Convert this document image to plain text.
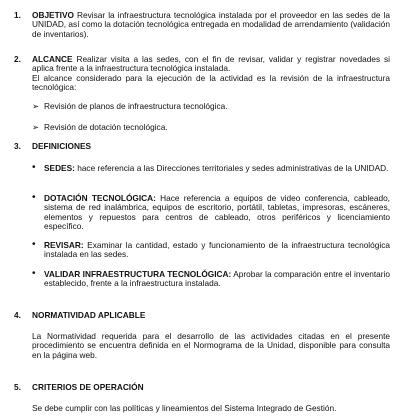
1.	OBJETIVO Revisar la infraestructura tecnológica instalada por el proveedor en las sedes de la UNIDAD, así como la dotación tecnológica entregada en modalidad de arrendamiento (validación de inventarios).
2.	ALCANCE Realizar visita a las sedes, con el fin de revisar, validar y registrar novedades si aplica frente a la infraestructura tecnológica instalada.
El alcance considerado para la ejecución de la actividad es la revisión de la infraestructura tecnológica:
➢ Revisión de planos de infraestructura tecnológica.
➢ Revisión de dotación tecnológica.
3.	DEFINICIONES
•	SEDES: hace referencia a las Direcciones territoriales y sedes administrativas de la UNIDAD.
•	DOTACIÓN TECNOLÓGICA: Hace referencia a equipos de video conferencia, cableado, sistema de red inalámbrica, equipos de escritorio, portátil, tabletas, impresoras, escáneres, elementos y repuestos para centros de cableado, otros periféricos y licenciamiento específico.
•	REVISAR: Examinar la cantidad, estado y funcionamiento de la infraestructura tecnológica instalada en las sedes.
•	VALIDAR INFRAESTRUCTURA TECNOLÓGICA: Aprobar la comparación entre el inventario establecido, frente a la infraestructura instalada.
4.	NORMATIVIDAD APLICABLE
La Normatividad requerida para el desarrollo de las actividades citadas en el presente procedimiento se encuentra definida en el Normograma de la Unidad, disponible para consulta en la página web.
5.	CRITERIOS DE OPERACIÓN
Se debe cumplir con las políticas y lineamientos del Sistema Integrado de Gestión.
